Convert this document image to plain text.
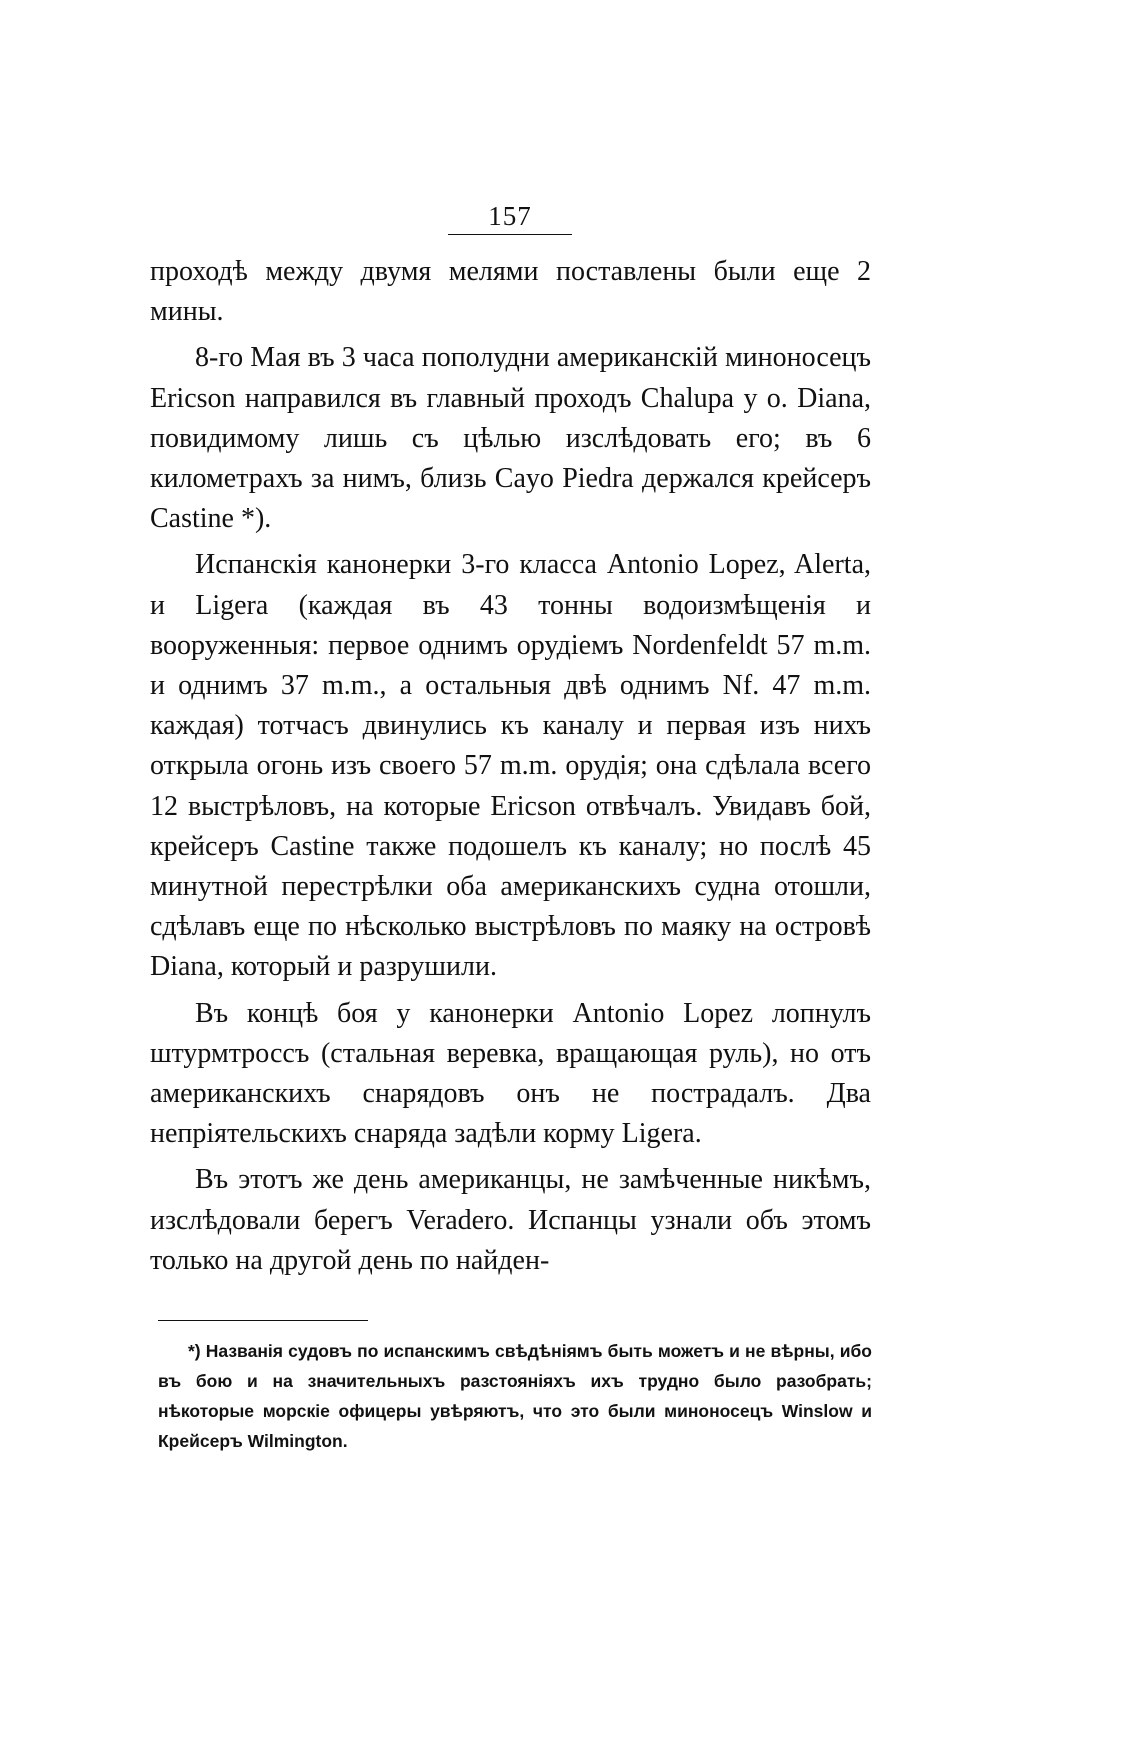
157

проходѣ между двумя мелями поставлены были еще 2 мины.

8-го Мая въ 3 часа пополудни американскій миноносецъ Ericson направился въ главный проходъ Chalupa у о. Diana, повидимому лишь съ цѣлью изслѣдовать его; въ 6 километрахъ за нимъ, близь Cayo Piedra держался крейсеръ Castine *).

Испанскія канонерки 3-го класса Antonio Lopez, Alerta, и Ligera (каждая въ 43 тонны водоизмѣщенія и вооруженныя: первое однимъ орудіемъ Nordenfeldt 57 m.m. и однимъ 37 m.m., а остальныя двѣ однимъ Nf. 47 m.m. каждая) тотчасъ двинулись къ каналу и первая изъ нихъ открыла огонь изъ своего 57 m.m. орудія; она сдѣлала всего 12 выстрѣловъ, на которые Ericson отвѣчалъ. Увидавъ бой, крейсеръ Castine также подошелъ къ каналу; но послѣ 45 минутной перестрѣлки оба американскихъ судна отошли, сдѣлавъ еще по нѣсколько выстрѣловъ по маяку на островѣ Diana, который и разрушили.

Въ концѣ боя у канонерки Antonio Lopez лопнулъ штурмтроссъ (стальная веревка, вращающая руль), но отъ американскихъ снарядовъ онъ не пострадалъ. Два непріятельскихъ снаряда задѣли корму Ligera.

Въ этотъ же день американцы, не замѣченные никѣмъ, изслѣдовали берегъ Veradero. Испанцы узнали объ этомъ только на другой день по найден-

*) Названія судовъ по испанскимъ свѣдѣніямъ быть можетъ и не вѣрны, ибо въ бою и на значительныхъ разстояніяхъ ихъ трудно было разобрать; нѣкоторые морскіе офицеры увѣряютъ, что это были миноносецъ Winslow и Крейсеръ Wilmington.
